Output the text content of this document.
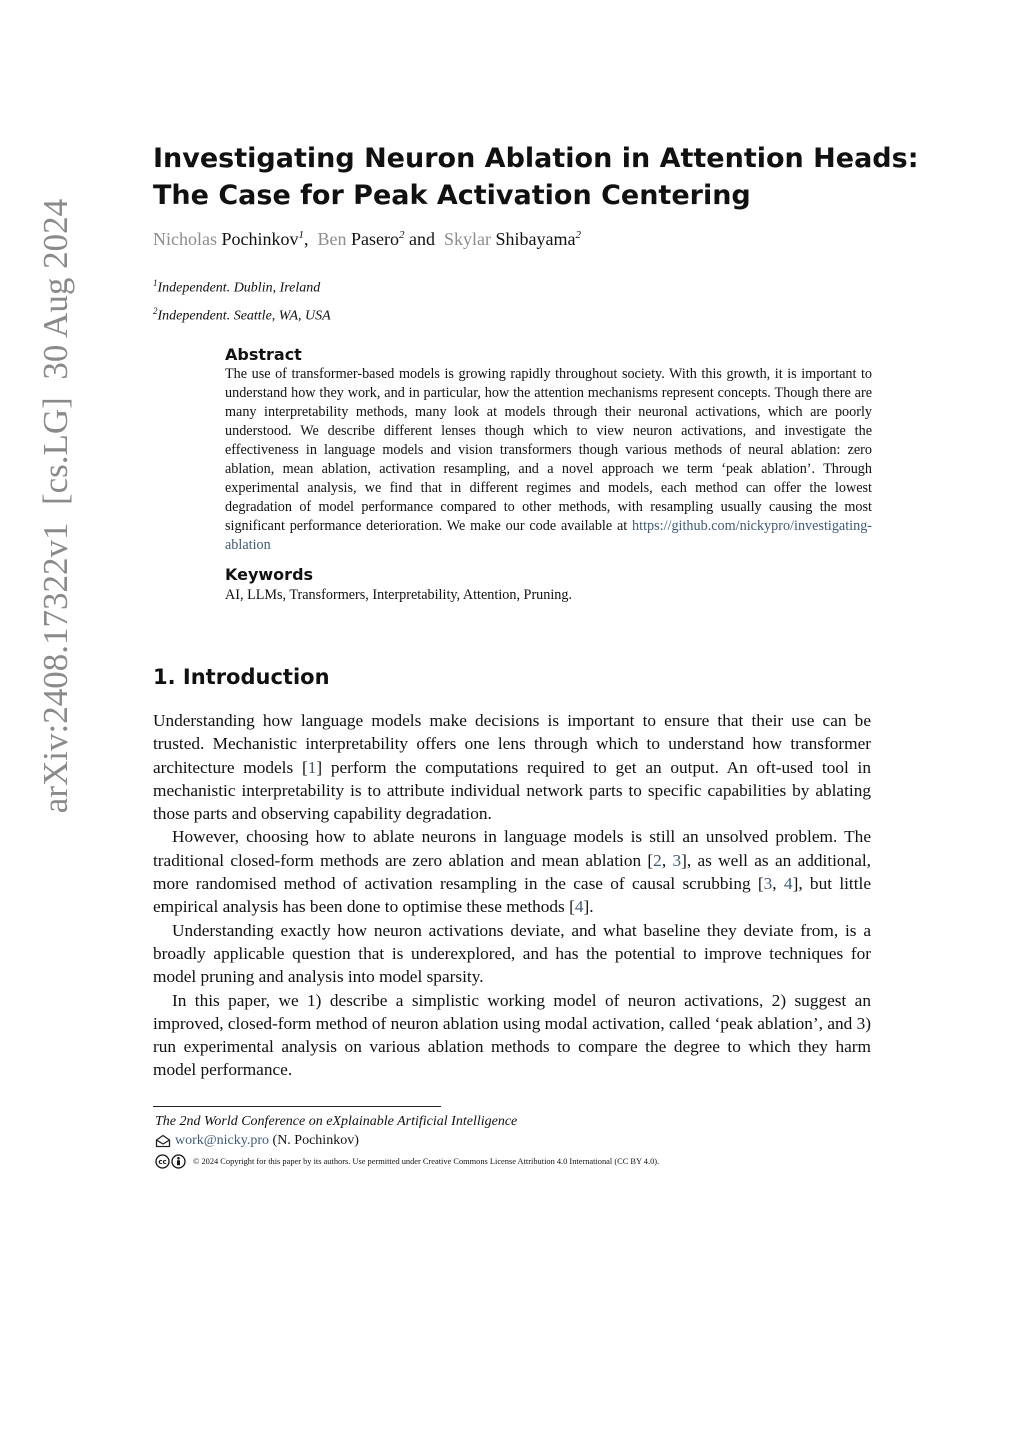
arXiv:2408.17322v1  [cs.LG]  30 Aug 2024
Investigating Neuron Ablation in Attention Heads:
The Case for Peak Activation Centering
Nicholas Pochinkov$^1$, Ben Pasero$^2$ and Skylar Shibayama$^2$
$^1$Independent. Dublin, Ireland
$^2$Independent. Seattle, WA, USA
Abstract

The use of transformer-based models is growing rapidly throughout society. With this growth, it is important to understand how they work, and in particular, how the attention mechanisms represent concepts. Though there are many interpretability methods, many look at models through their neuronal activations, which are poorly understood. We describe different lenses though which to view neuron activations, and investigate the effectiveness in language models and vision transformers though various methods of neural ablation: zero ablation, mean ablation, activation resampling, and a novel approach we term ‘peak ablation’. Through experimental analysis, we find that in different regimes and models, each method can offer the lowest degradation of model performance compared to other methods, with resampling usually causing the most significant performance deterioration. We make our code available at https://github.com/nickypro/investigating-ablation

Keywords

AI, LLMs, Transformers, Interpretability, Attention, Pruning.

1. Introduction

Understanding how language models make decisions is important to ensure that their use can be trusted. Mechanistic interpretability offers one lens through which to understand how transformer architecture models [1] perform the computations required to get an output. An oft-used tool in mechanistic interpretability is to attribute individual network parts to specific capabilities by ablating those parts and observing capability degradation.

However, choosing how to ablate neurons in language models is still an unsolved problem. The traditional closed-form methods are zero ablation and mean ablation [2, 3], as well as an additional, more randomised method of activation resampling in the case of causal scrubbing [3, 4], but little empirical analysis has been done to optimise these methods [4].

Understanding exactly how neuron activations deviate, and what baseline they deviate from, is a broadly applicable question that is underexplored, and has the potential to improve techniques for model pruning and analysis into model sparsity.

In this paper, we 1) describe a simplistic working model of neuron activations, 2) suggest an improved, closed-form method of neuron ablation using modal activation, called ‘peak ablation’, and 3) run experimental analysis on various ablation methods to compare the degree to which they harm model performance.

The 2nd World Conference on eXplainable Artificial Intelligence
work@nicky.pro
(N. Pochinkov)
cc	© 2024 Copyright for this paper by its authors. Use permitted under Creative Commons License Attribution 4.0 International (CC BY 4.0).
